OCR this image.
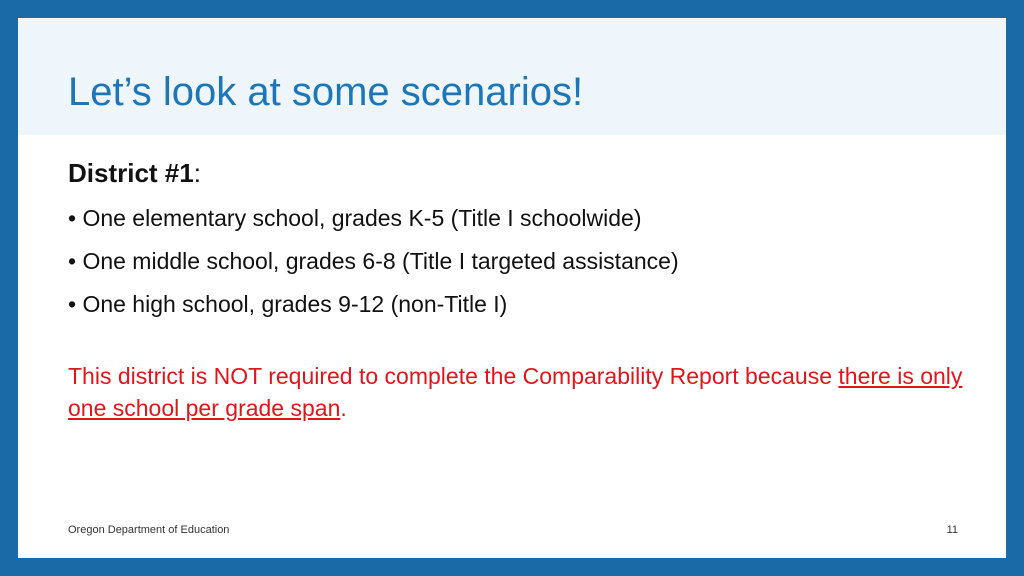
Let’s look at some scenarios!
District #1:
• One elementary school, grades K-5 (Title I schoolwide)
• One middle school, grades 6-8 (Title I targeted assistance)
• One high school, grades 9-12 (non-Title I)
This district is NOT required to complete the Comparability Report because there is only one school per grade span.
Oregon Department of Education	11
